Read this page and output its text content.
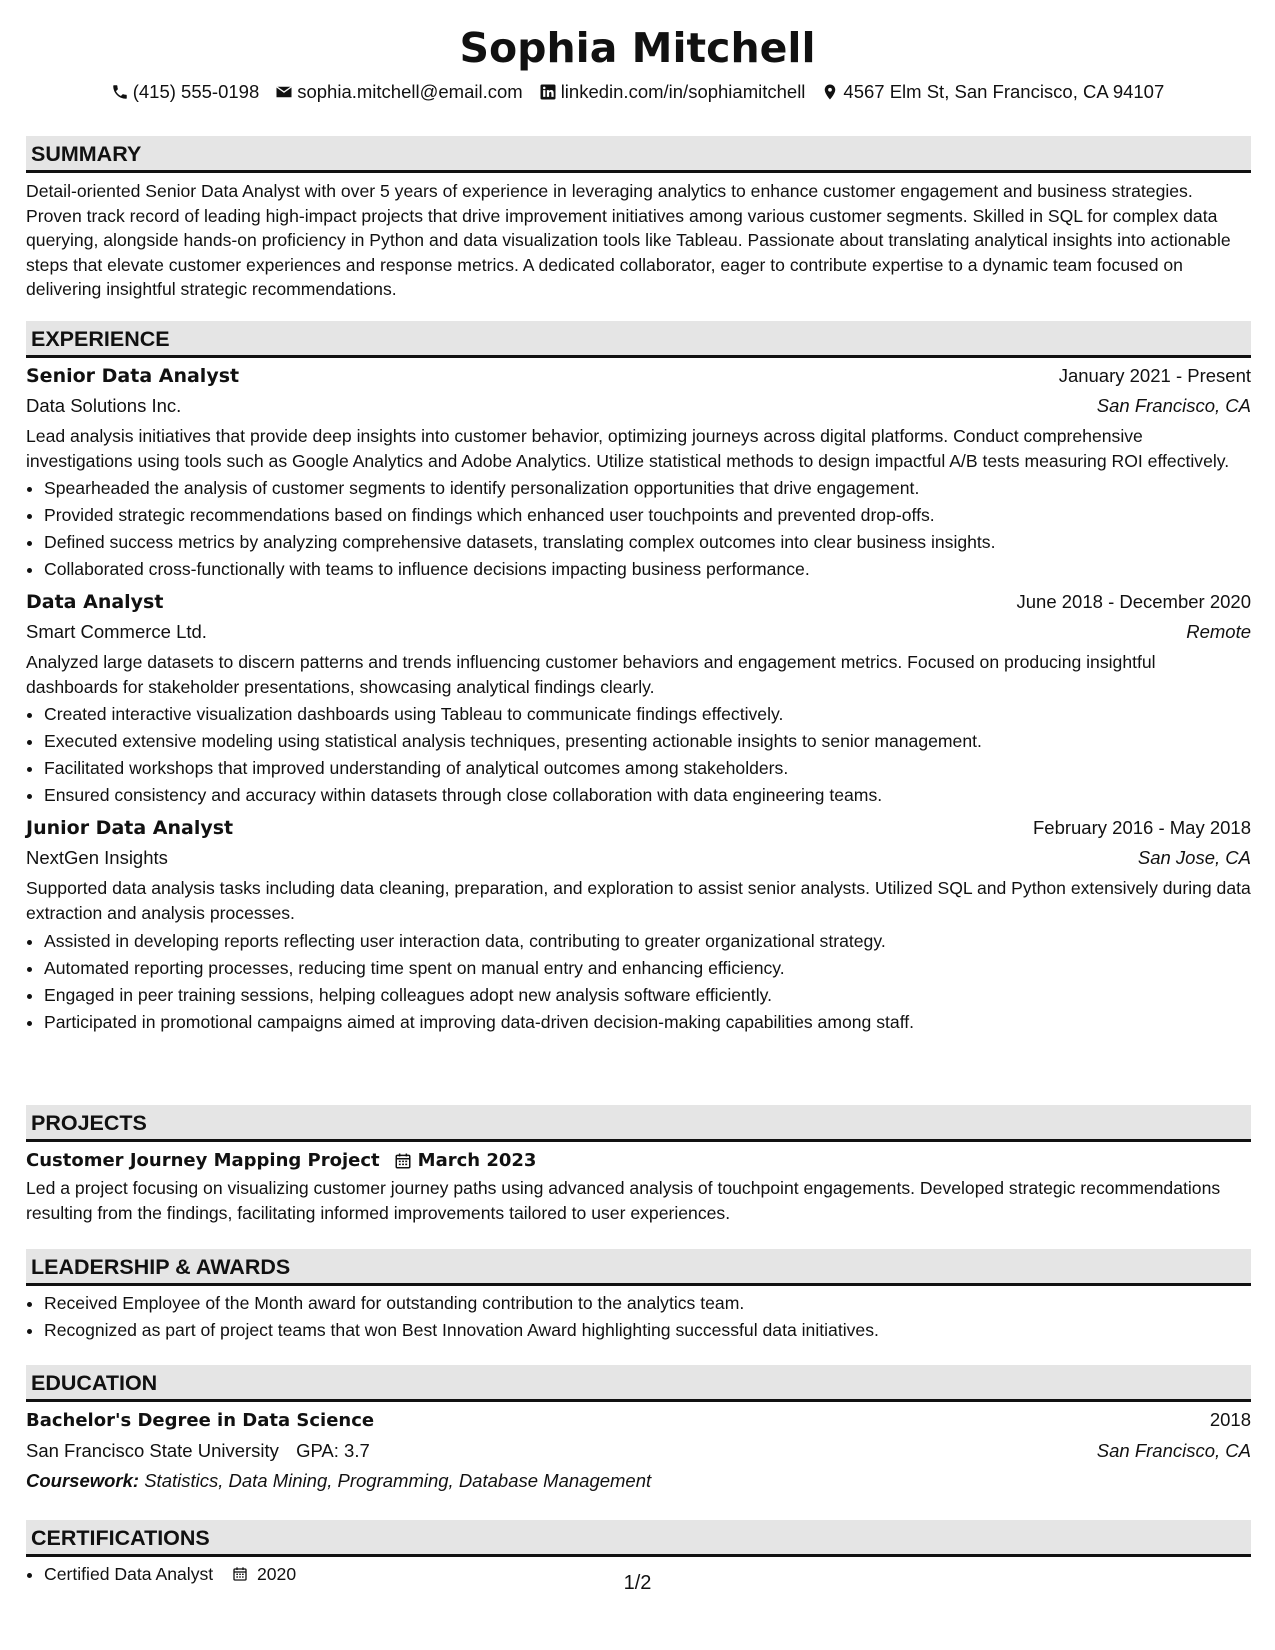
Sophia Mitchell
(415) 555-0198 sophia.mitchell@email.com linkedin.com/in/sophiamitchell 4567 Elm St, San Francisco, CA 94107
SUMMARY

Detail-oriented Senior Data Analyst with over 5 years of experience in leveraging analytics to enhance customer engagement and business strategies. Proven track record of leading high-impact projects that drive improvement initiatives among various customer segments. Skilled in SQL for complex data querying, alongside hands-on proficiency in Python and data visualization tools like Tableau. Passionate about translating analytical insights into actionable steps that elevate customer experiences and response metrics. A dedicated collaborator, eager to contribute expertise to a dynamic team focused on delivering insightful strategic recommendations.

EXPERIENCE
Senior Data Analyst	January 2021 - Present
Data Solutions Inc.	San Francisco, CA

Lead analysis initiatives that provide deep insights into customer behavior, optimizing journeys across digital platforms. Conduct comprehensive investigations using tools such as Google Analytics and Adobe Analytics. Utilize statistical methods to design impactful A/B tests measuring ROI effectively.

• Spearheaded the analysis of customer segments to identify personalization opportunities that drive engagement.
• Provided strategic recommendations based on findings which enhanced user touchpoints and prevented drop-offs.
• Defined success metrics by analyzing comprehensive datasets, translating complex outcomes into clear business insights.
• Collaborated cross-functionally with teams to influence decisions impacting business performance.
Data Analyst	June 2018 - December 2020
Smart Commerce Ltd.	Remote

Analyzed large datasets to discern patterns and trends influencing customer behaviors and engagement metrics. Focused on producing insightful dashboards for stakeholder presentations, showcasing analytical findings clearly.

• Created interactive visualization dashboards using Tableau to communicate findings effectively.
• Executed extensive modeling using statistical analysis techniques, presenting actionable insights to senior management.
• Facilitated workshops that improved understanding of analytical outcomes among stakeholders.
• Ensured consistency and accuracy within datasets through close collaboration with data engineering teams.
Junior Data Analyst	February 2016 - May 2018
NextGen Insights	San Jose, CA

Supported data analysis tasks including data cleaning, preparation, and exploration to assist senior analysts. Utilized SQL and Python extensively during data extraction and analysis processes.

• Assisted in developing reports reflecting user interaction data, contributing to greater organizational strategy.
• Automated reporting processes, reducing time spent on manual entry and enhancing efficiency.
• Engaged in peer training sessions, helping colleagues adopt new analysis software efficiently.
• Participated in promotional campaigns aimed at improving data-driven decision-making capabilities among staff.
PROJECTS
Customer Journey Mapping Project March 2023

Led a project focusing on visualizing customer journey paths using advanced analysis of touchpoint engagements. Developed strategic recommendations resulting from the findings, facilitating informed improvements tailored to user experiences.

LEADERSHIP & AWARDS
• Received Employee of the Month award for outstanding contribution to the analytics team.
• Recognized as part of project teams that won Best Innovation Award highlighting successful data initiatives.
EDUCATION
Bachelor's Degree in Data Science	2018
San Francisco State University GPA: 3.7	San Francisco, CA
Coursework: Statistics, Data Mining, Programming, Database Management
CERTIFICATIONS
• Certified Data Analyst 2020	1/2
